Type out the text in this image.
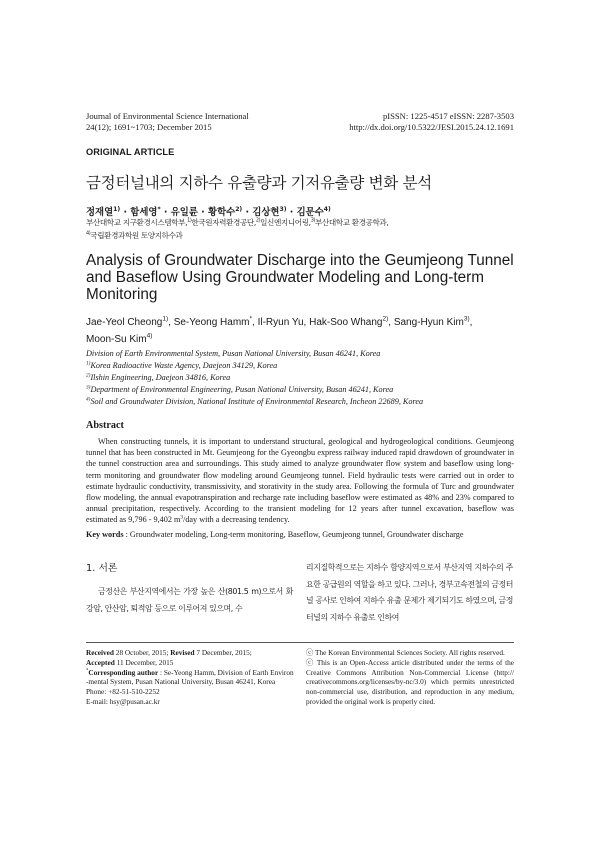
Journal of Environmental Science International
24(12); 1691~1703; December 2015
pISSN: 1225-4517 eISSN: 2287-3503
http://dx.doi.org/10.5322/JESI.2015.24.12.1691
ORIGINAL ARTICLE
금정터널내의 지하수 유출량과 기저유출량 변화 분석
정재열$^{1)}$ · 함세영* · 유일륜 · 황학수$^{2)}$ · 김상현$^{3)}$ · 김문수$^{4)}$
부산대학교 지구환경시스템학부,$^{1)}$한국원자력환경공단,$^{2)}$일신엔지니어링,$^{3)}$부산대학교 환경공학과,
$^{4)}$국립환경과학원 토양지하수과
Analysis of Groundwater Discharge into the Geumjeong Tunnel and Baseflow Using Groundwater Modeling and Long-term Monitoring
Jae-Yeol Cheong$^{1)}$, Se-Yeong Hamm*, Il-Ryun Yu, Hak-Soo Whang$^{2)}$, Sang-Hyun Kim$^{3)}$,
Moon-Su Kim$^{4)}$
Division of Earth Environmental System, Pusan National University, Busan 46241, Korea
$^{1)}$Korea Radioactive Waste Agency, Daejeon 34129, Korea
$^{2)}$Ilshin Engineering, Daejeon 34816, Korea
$^{3)}$Department of Environmental Engineering, Pusan National University, Busan 46241, Korea
$^{4)}$Soil and Groundwater Division, National Institute of Environmental Research, Incheon 22689, Korea
Abstract
When constructing tunnels, it is important to understand structural, geological and hydrogeological conditions. Geumjeong tunnel that has been constructed in Mt. Geumjeong for the Gyeongbu express railway induced rapid drawdown of groundwater in the tunnel construction area and surroundings. This study aimed to analyze groundwater flow system and baseflow using long-term monitoring and groundwater flow modeling around Geumjeong tunnel. Field hydraulic tests were carried out in order to estimate hydraulic conductivity, transmissivity, and storativity in the study area. Following the formula of Turc and groundwater flow modeling, the annual evapotranspiration and recharge rate including baseflow were estimated as 48% and 23% compared to annual precipitation, respectively. According to the transient modeling for 12 years after tunnel excavation, baseflow was estimated as 9,796 - 9,402 $m^3$/day with a decreasing tendency.
Key words : Groundwater modeling, Long-term monitoring, Baseflow, Geumjeong tunnel, Groundwater discharge
1. 서론
금정산은 부산지역에서는 가장 높은 산(801.5 m)으로서 화강암, 안산암, 퇴적암 등으로 이루어져 있으며, 수
리지질학적으로는 지하수 함양지역으로서 부산지역 지하수의 주요한 공급원의 역할을 하고 있다. 그러나, 경부고속전철의 금정터널 공사로 인하여 지하수 유출 문제가 제기되기도 하였으며, 금정터널의 지하수 유출로 인하여
Received 28 October, 2015; Revised 7 December, 2015;
Accepted 11 December, 2015
*Corresponding author : Se-Yeong Hamm, Division of Earth Environ -mental System, Pusan National University, Busan 46241, Korea
Phone: +82-51-510-2252
E-mail: hsy@pusan.ac.kr
ⓒ The Korean Environmental Sciences Society. All rights reserved.
ⓒ This is an Open-Access article distributed under the terms of the Creative Commons Attribution Non-Commercial License (http:// creativecommons.org/licenses/by-nc/3.0) which permits unrestricted non-commercial use, distribution, and reproduction in any medium, provided the original work is properly cited.
